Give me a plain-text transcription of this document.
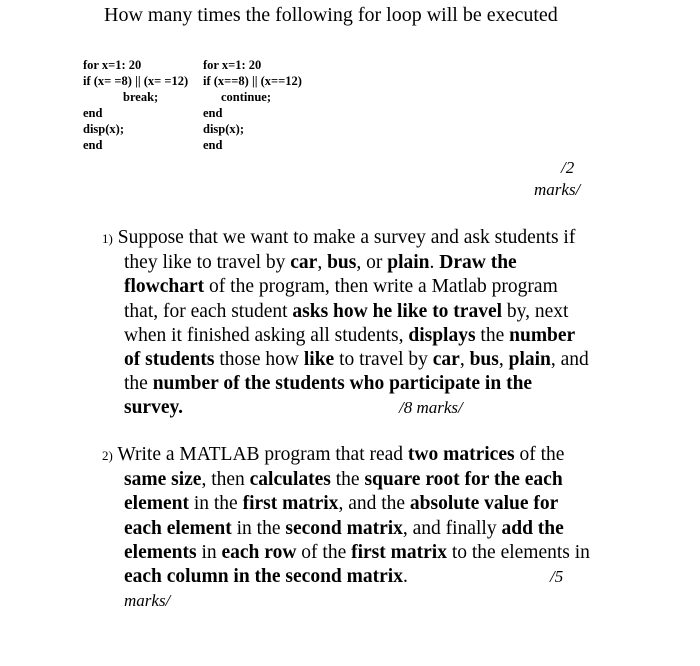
How many times the following for loop will be executed
for x=1: 20
if (x= =8) || (x= =12)
break;
end
disp(x);
end
for x=1: 20
if (x==8) || (x==12)
continue;
end
disp(x);
end
/2
marks/
1) Suppose that we want to make a survey and ask students if
they like to travel by car, bus, or plain. Draw the
flowchart of the program, then write a Matlab program
that, for each student asks how he like to travel by, next
when it finished asking all students, displays the number
of students those how like to travel by car, bus, plain, and
the number of the students who participate in the
survey.	/8 marks/
2) Write a MATLAB program that read two matrices of the
same size, then calculates the square root for the each
element in the first matrix, and the absolute value for
each element in the second matrix, and finally add the
elements in each row of the first matrix to the elements in
each column in the second matrix.	/5
marks/
